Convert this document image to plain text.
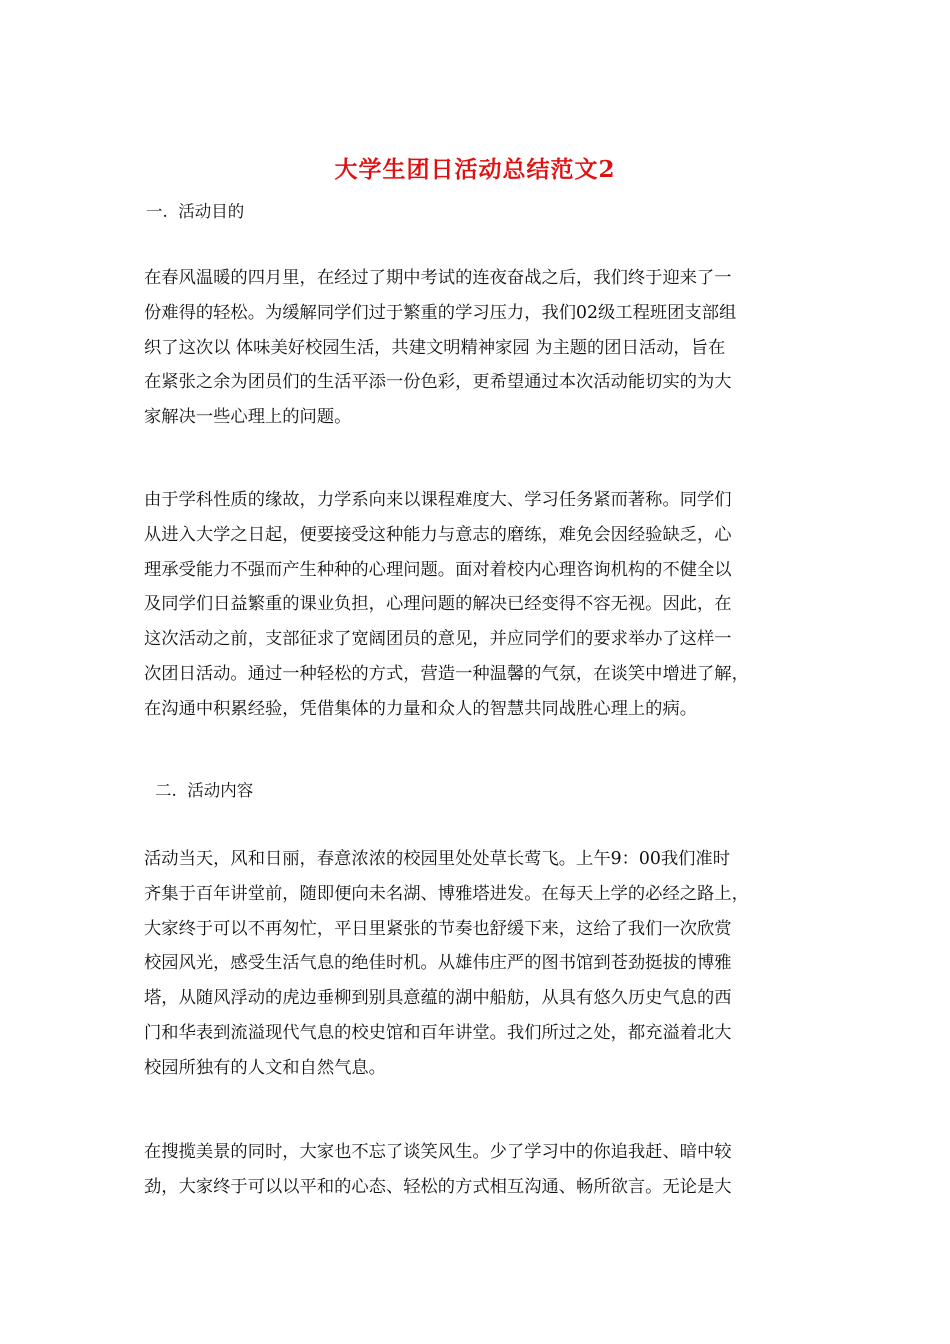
大学生团日活动总结范文2
一.  活动目的
在春风温暖的四月里，在经过了期中考试的连夜奋战之后，我们终于迎来了一
份难得的轻松。为缓解同学们过于繁重的学习压力，我们02级工程班团支部组
织了这次以 体味美好校园生活，共建文明精神家园 为主题的团日活动，旨在
在紧张之余为团员们的生活平添一份色彩，更希望通过本次活动能切实的为大
家解决一些心理上的问题。
由于学科性质的缘故，力学系向来以课程难度大、学习任务紧而著称。同学们
从进入大学之日起，便要接受这种能力与意志的磨练，难免会因经验缺乏，心
理承受能力不强而产生种种的心理问题。面对着校内心理咨询机构的不健全以
及同学们日益繁重的课业负担，心理问题的解决已经变得不容无视。因此，在
这次活动之前，支部征求了宽阔团员的意见，并应同学们的要求举办了这样一
次团日活动。通过一种轻松的方式，营造一种温馨的气氛，在谈笑中增进了解，
在沟通中积累经验，凭借集体的力量和众人的智慧共同战胜心理上的病。
二.  活动内容
活动当天，风和日丽，春意浓浓的校园里处处草长莺飞。上午9：00我们准时
齐集于百年讲堂前，随即便向未名湖、博雅塔进发。在每天上学的必经之路上，
大家终于可以不再匆忙，平日里紧张的节奏也舒缓下来，这给了我们一次欣赏
校园风光，感受生活气息的绝佳时机。从雄伟庄严的图书馆到苍劲挺拔的博雅
塔，从随风浮动的虎边垂柳到别具意蕴的湖中船舫，从具有悠久历史气息的西
门和华表到流溢现代气息的校史馆和百年讲堂。我们所过之处，都充溢着北大
校园所独有的人文和自然气息。
在搜揽美景的同时，大家也不忘了谈笑风生。少了学习中的你追我赶、暗中较
劲，大家终于可以以平和的心态、轻松的方式相互沟通、畅所欲言。无论是大
